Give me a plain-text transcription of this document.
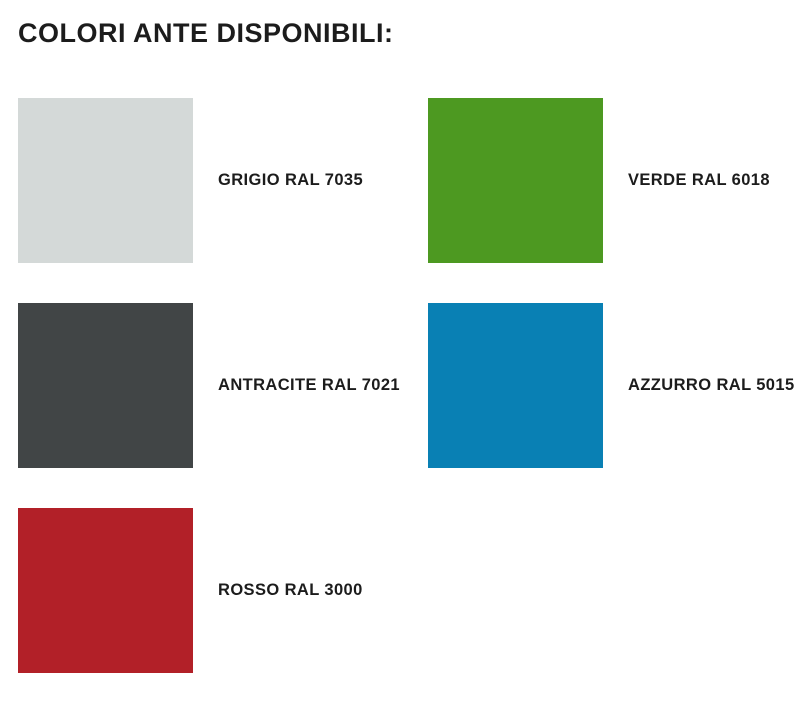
COLORI ANTE DISPONIBILI:
GRIGIO RAL 7035	VERDE RAL 6018
ANTRACITE RAL 7021	AZZURRO RAL 5015
ROSSO RAL 3000
